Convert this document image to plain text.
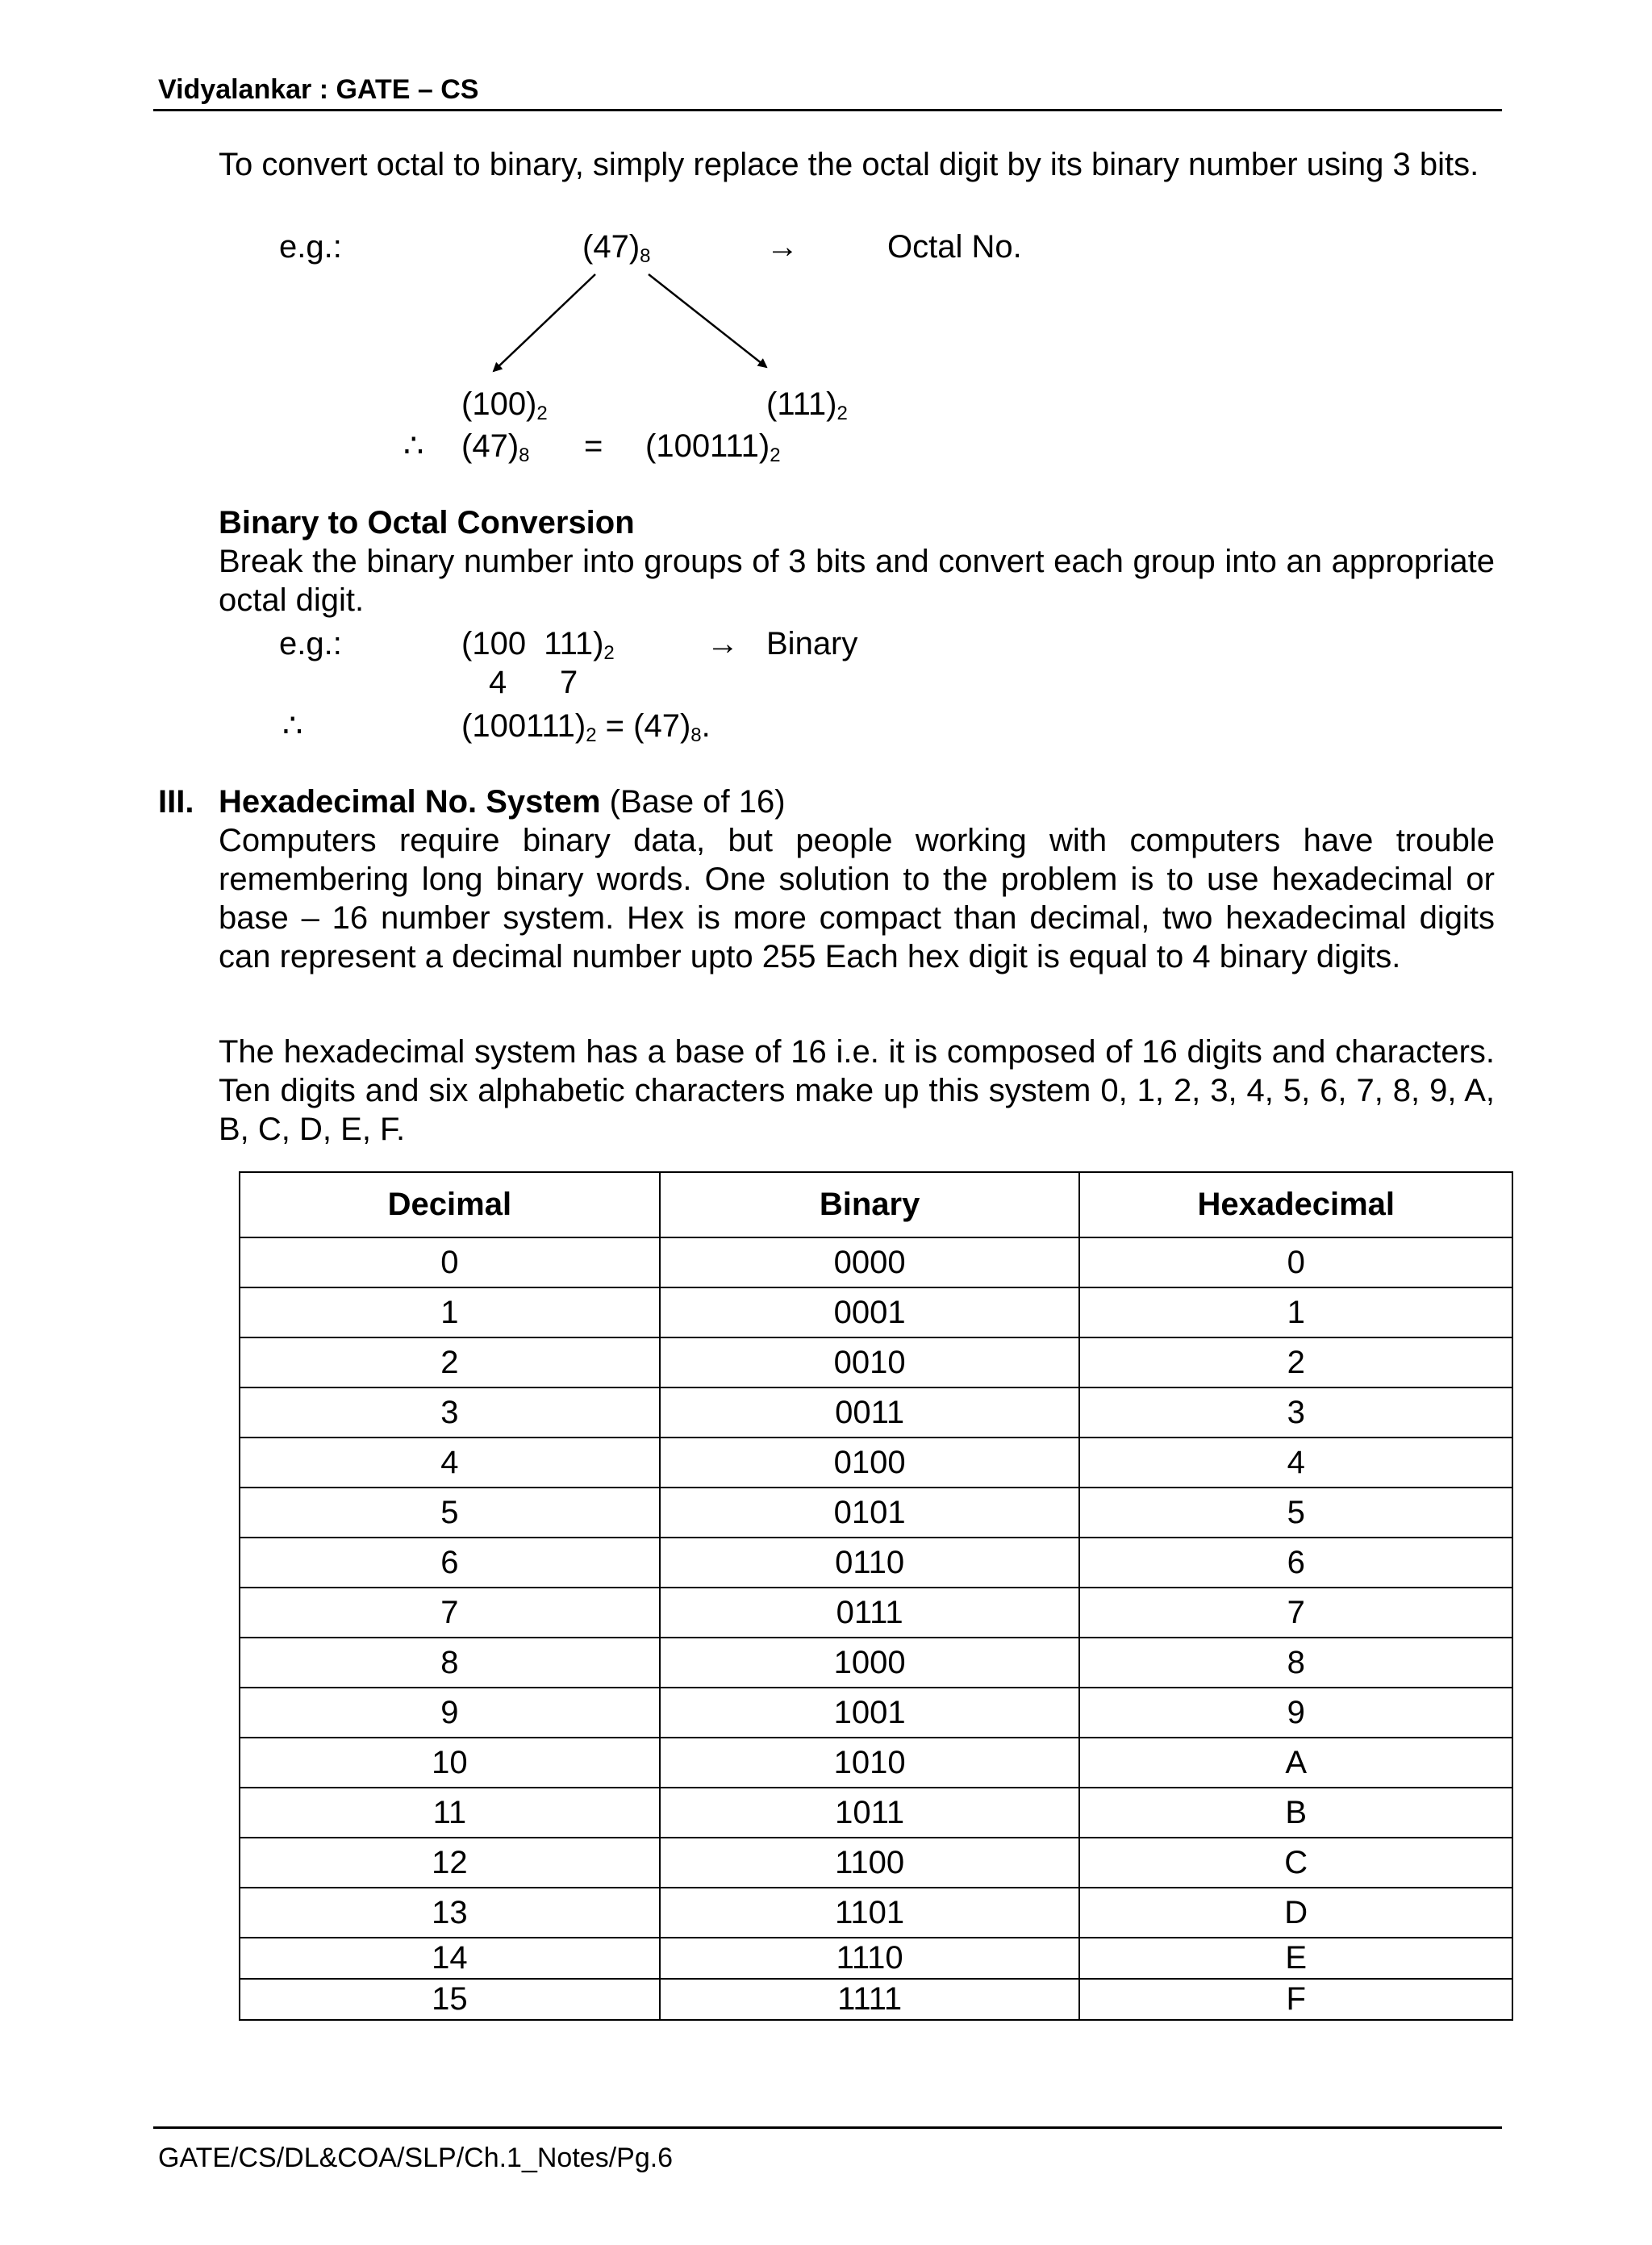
Vidyalankar : GATE – CS
To convert octal to binary, simply replace the octal digit by its binary number using 3 bits.
e.g.:	$(47)_8$	→	Octal No.
$(100)_2$	$(111)_2$
∴ $(47)_8 = (100111)_2$
Binary to Octal Conversion
Break the binary number into groups of 3 bits and convert each group into an appropriate octal digit.
e.g.:	(100  $111)_2$	→ Binary
4 7
∴	$(100111)_2 = (47)_8$.
III. Hexadecimal No. System (Base of 16)
Computers require binary data, but people working with computers have trouble remembering long binary words. One solution to the problem is to use hexadecimal or base – 16 number system. Hex is more compact than decimal, two hexadecimal digits can represent a decimal number upto 255 Each hex digit is equal to 4 binary digits.
The hexadecimal system has a base of 16 i.e. it is composed of 16 digits and characters. Ten digits and six alphabetic characters make up this system 0, 1, 2, 3, 4, 5, 6, 7, 8, 9, A, B, C, D, E, F.
Decimal	Binary	Hexadecimal
0	0000	0
1	0001	1
2	0010	2
3	0011	3
4	0100	4
5	0101	5
6	0110	6
7	0111	7
8	1000	8
9	1001	9
10	1010	A
11	1011	B
12	1100	C
13	1101	D
14	1110	E
15	1111	F
GATE/CS/DL&COA/SLP/Ch.1_Notes/Pg.6
